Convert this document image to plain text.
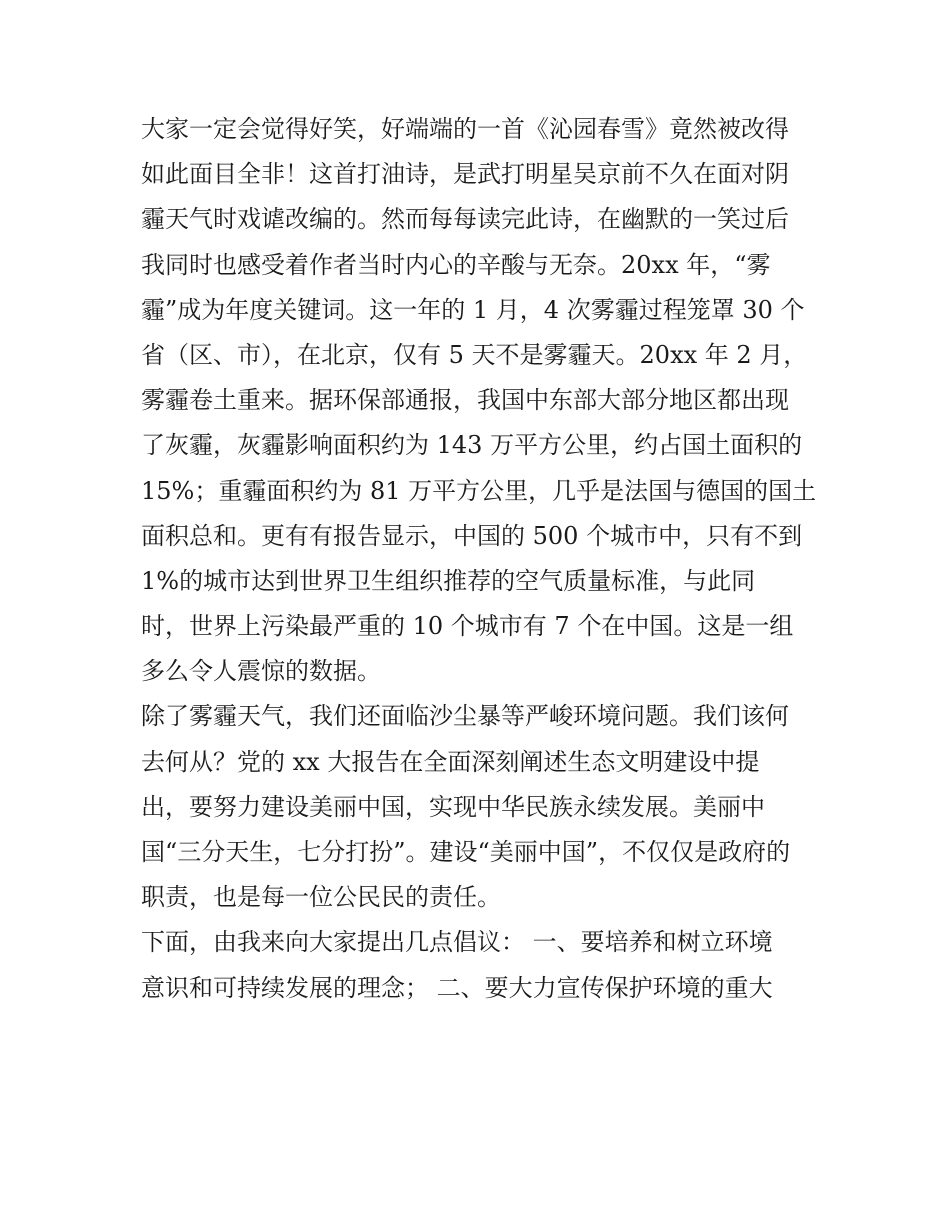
大家一定会觉得好笑，好端端的一首《沁园春雪》竟然被改得
如此面目全非！这首打油诗，是武打明星吴京前不久在面对阴
霾天气时戏谑改编的。然而每每读完此诗，在幽默的一笑过后
我同时也感受着作者当时内心的辛酸与无奈。20xx 年，“雾
霾”成为年度关键词。这一年的 1 月，4 次雾霾过程笼罩 30 个
省（区、市），在北京，仅有 5 天不是雾霾天。20xx 年 2 月，
雾霾卷土重来。据环保部通报，我国中东部大部分地区都出现
了灰霾，灰霾影响面积约为 143 万平方公里，约占国土面积的
15%；重霾面积约为 81 万平方公里，几乎是法国与德国的国土
面积总和。更有有报告显示，中国的 500 个城市中，只有不到
1%的城市达到世界卫生组织推荐的空气质量标准，与此同
时，世界上污染最严重的 10 个城市有 7 个在中国。这是一组
多么令人震惊的数据。
除了雾霾天气，我们还面临沙尘暴等严峻环境问题。我们该何
去何从？党的 xx 大报告在全面深刻阐述生态文明建设中提
出，要努力建设美丽中国，实现中华民族永续发展。美丽中
国“三分天生，七分打扮”。建设“美丽中国”，不仅仅是政府的
职责，也是每一位公民民的责任。
下面，由我来向大家提出几点倡议： 一、要培养和树立环境
意识和可持续发展的理念； 二、要大力宣传保护环境的重大
